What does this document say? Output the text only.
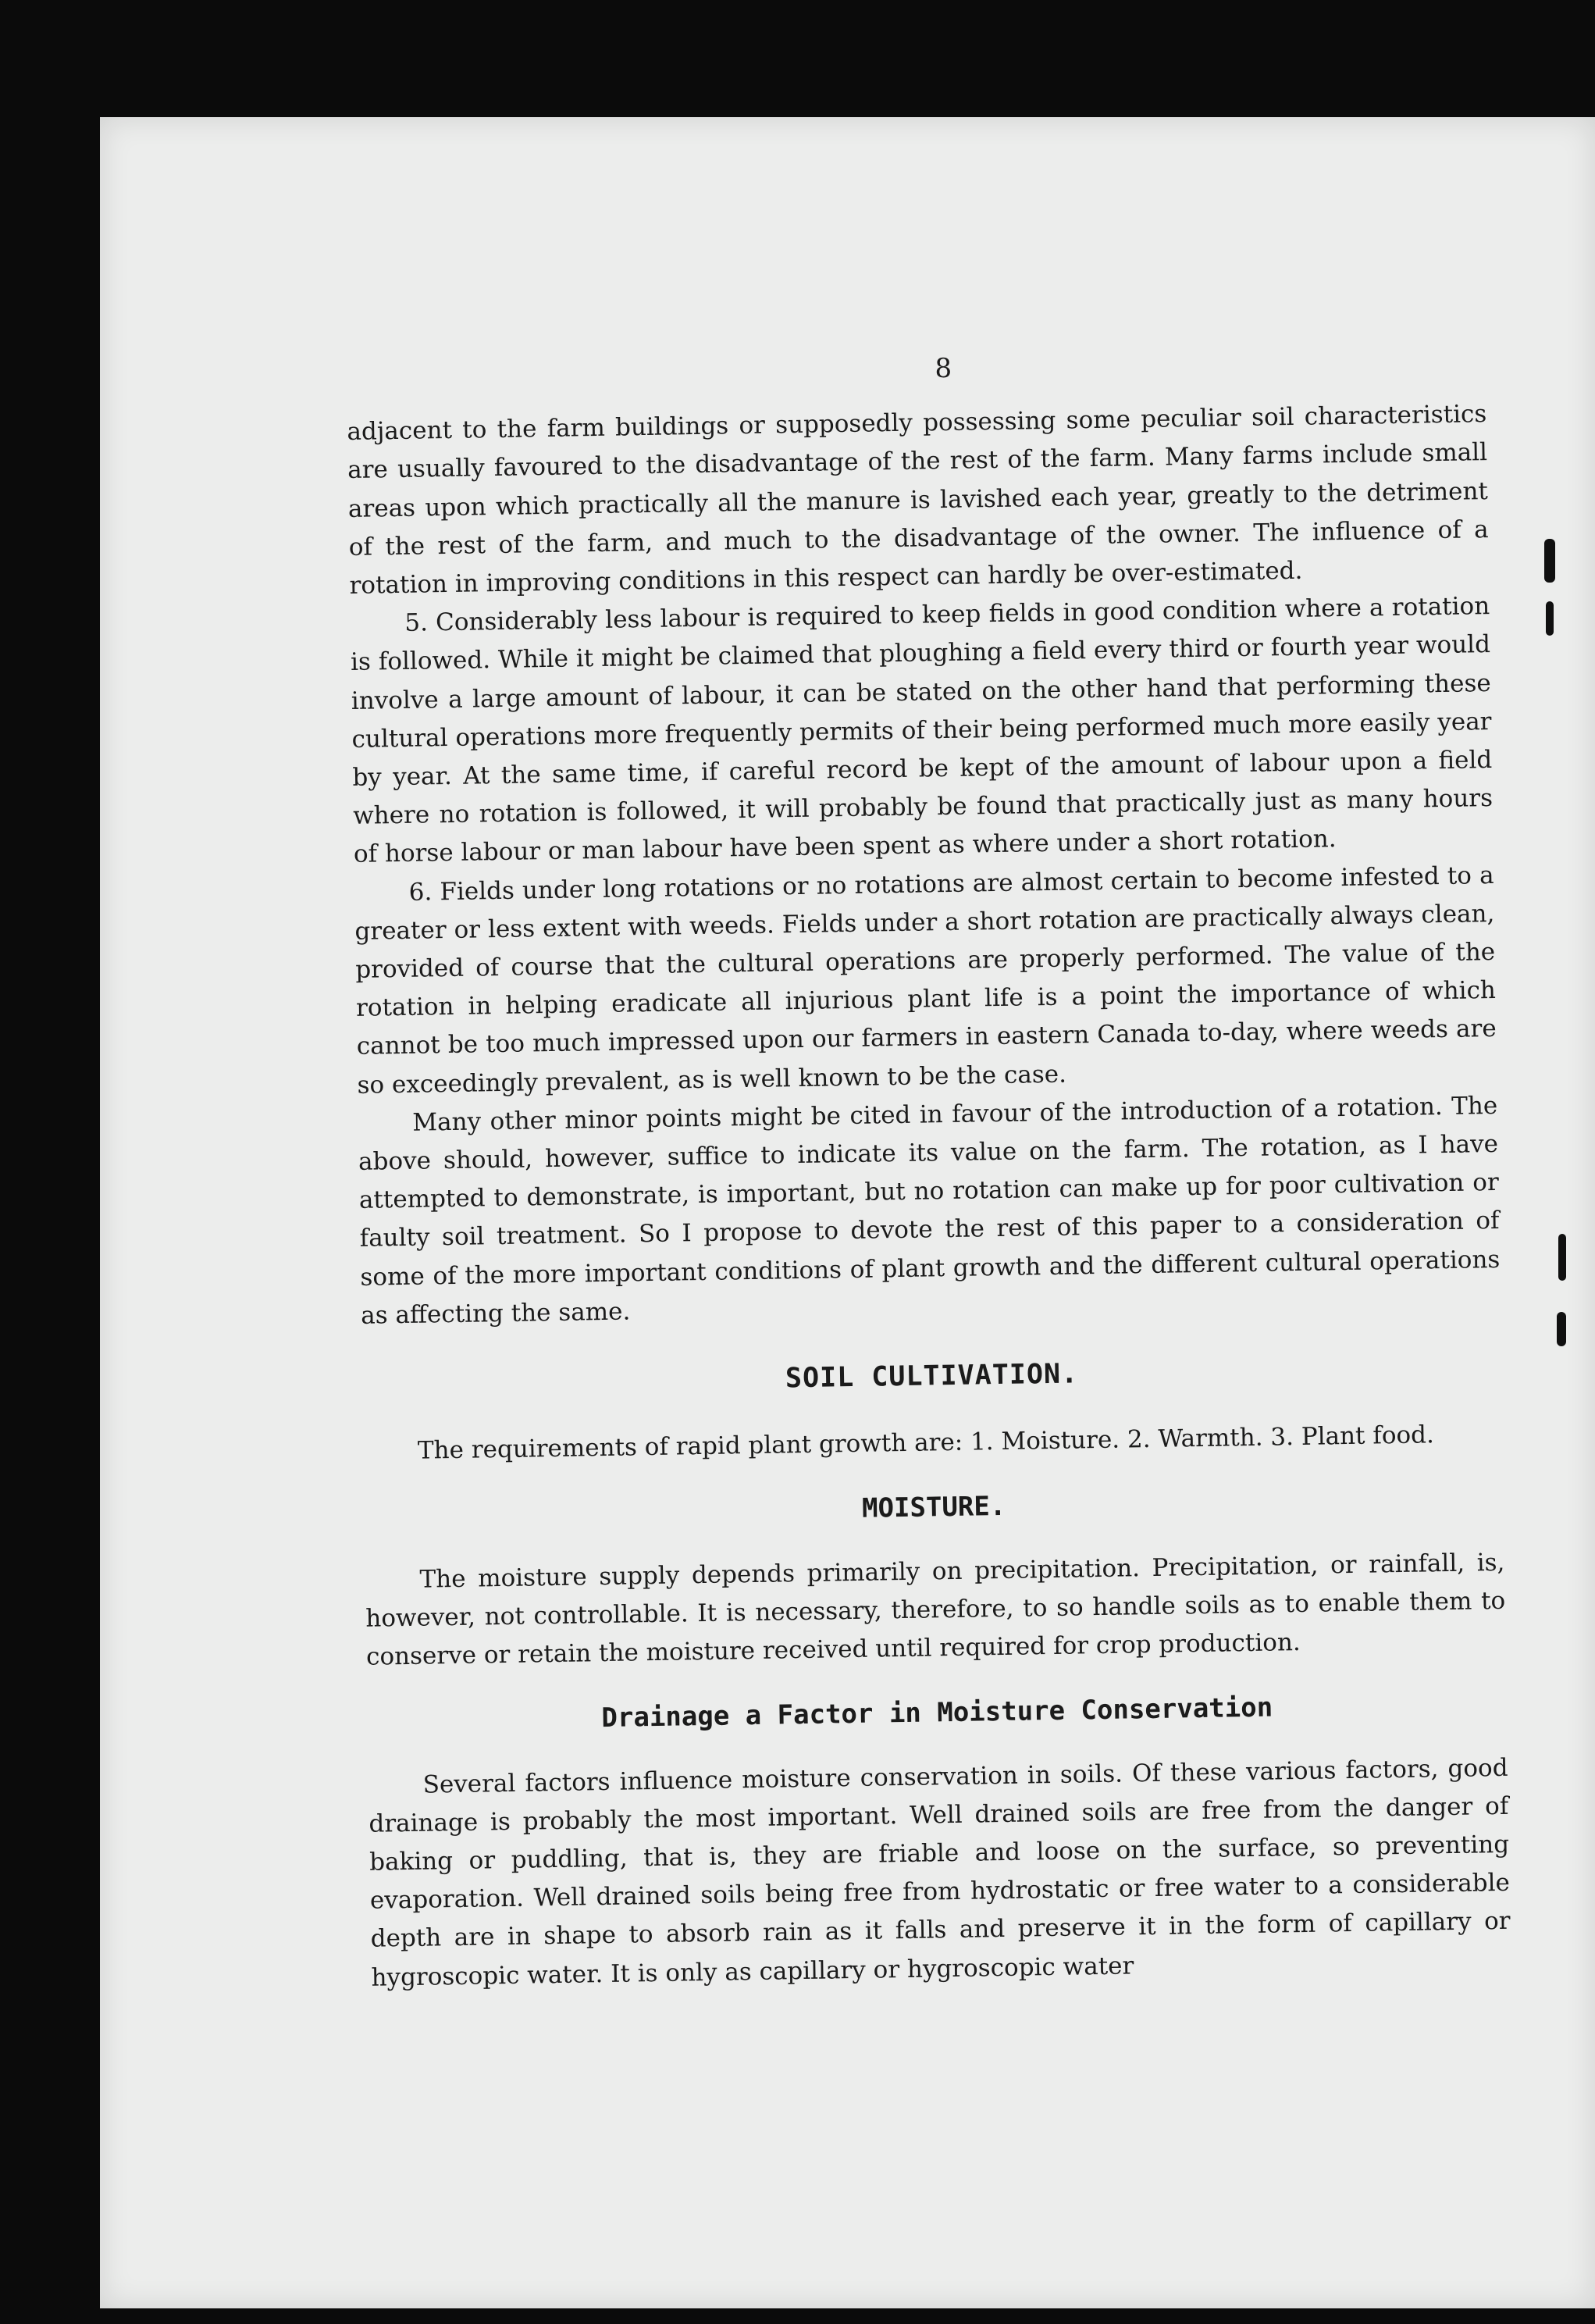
8

adjacent to the farm buildings or supposedly possessing some peculiar soil characteristics are usually favoured to the disadvantage of the rest of the farm. Many farms include small areas upon which practically all the manure is lavished each year, greatly to the detriment of the rest of the farm, and much to the disadvantage of the owner. The influence of a rotation in improving conditions in this respect can hardly be over-estimated.

5. Considerably less labour is required to keep fields in good condition where a rotation is followed. While it might be claimed that ploughing a field every third or fourth year would involve a large amount of labour, it can be stated on the other hand that performing these cultural operations more frequently permits of their being performed much more easily year by year. At the same time, if careful record be kept of the amount of labour upon a field where no rotation is followed, it will probably be found that practically just as many hours of horse labour or man labour have been spent as where under a short rotation.

6. Fields under long rotations or no rotations are almost certain to become infested to a greater or less extent with weeds. Fields under a short rotation are practically always clean, provided of course that the cultural operations are properly performed. The value of the rotation in helping eradicate all injurious plant life is a point the importance of which cannot be too much impressed upon our farmers in eastern Canada to-day, where weeds are so exceedingly prevalent, as is well known to be the case.

Many other minor points might be cited in favour of the introduction of a rotation. The above should, however, suffice to indicate its value on the farm. The rotation, as I have attempted to demonstrate, is important, but no rotation can make up for poor cultivation or faulty soil treatment. So I propose to devote the rest of this paper to a consideration of some of the more important conditions of plant growth and the different cultural operations as affecting the same.

SOIL CULTIVATION.

The requirements of rapid plant growth are: 1. Moisture. 2. Warmth. 3. Plant food.

MOISTURE.

The moisture supply depends primarily on precipitation. Precipitation, or rainfall, is, however, not controllable. It is necessary, therefore, to so handle soils as to enable them to conserve or retain the moisture received until required for crop production.

Drainage a Factor in Moisture Conservation

Several factors influence moisture conservation in soils. Of these various factors, good drainage is probably the most important. Well drained soils are free from the danger of baking or puddling, that is, they are friable and loose on the surface, so preventing evaporation. Well drained soils being free from hydrostatic or free water to a considerable depth are in shape to absorb rain as it falls and preserve it in the form of capillary or hygroscopic water. It is only as capillary or hygroscopic water
